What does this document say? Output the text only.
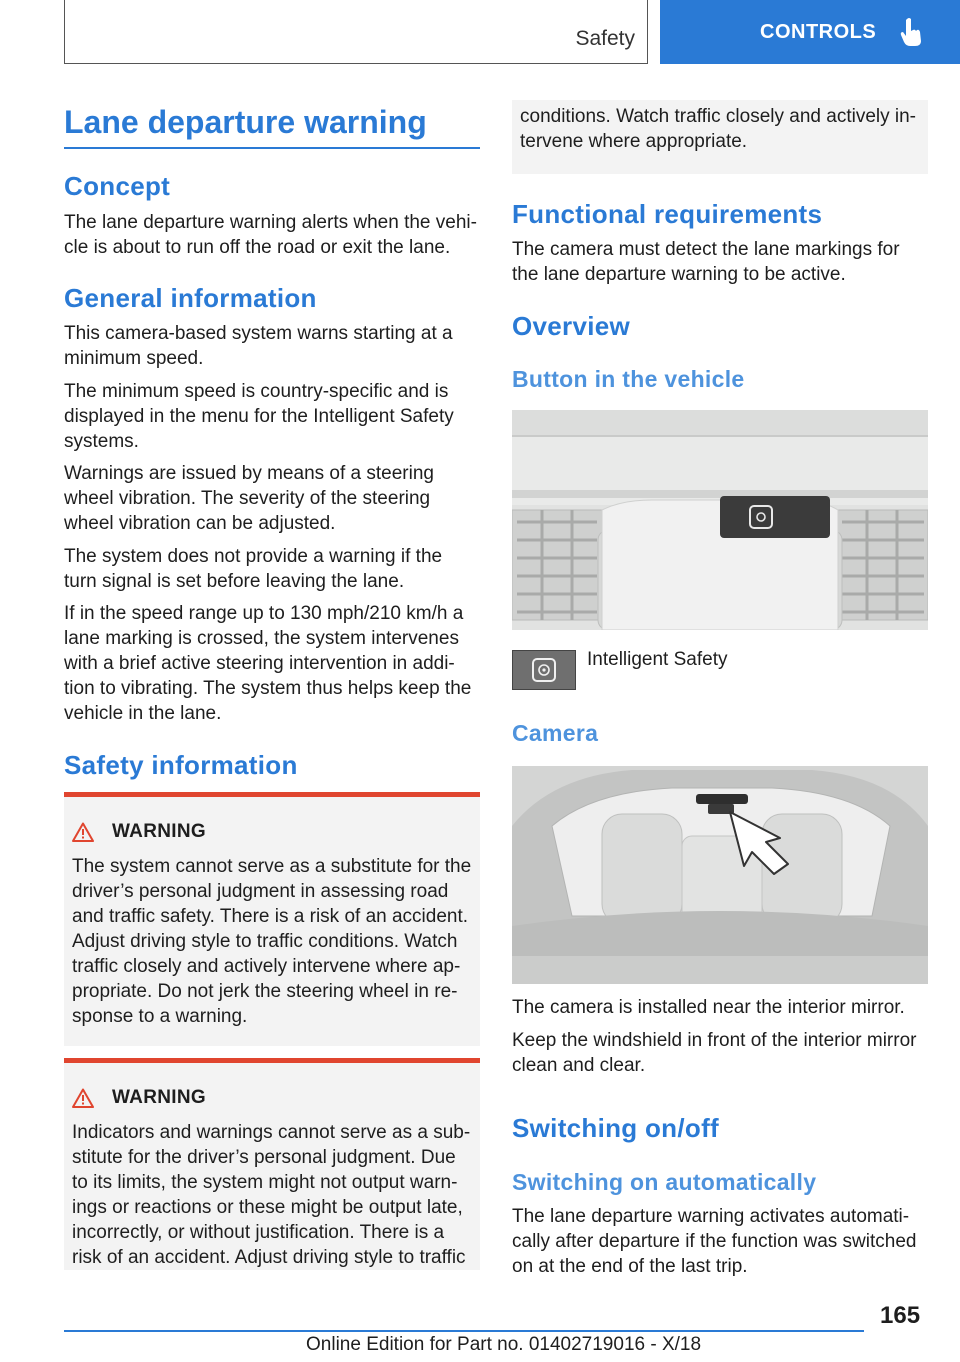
Safety	CONTROLS
Lane departure warning
Concept

The lane departure warning alerts when the vehi-cle is about to run off the road or exit the lane.

General information

This camera-based system warns starting at a minimum speed.

The minimum speed is country-specific and is displayed in the menu for the Intelligent Safety systems.

Warnings are issued by means of a steering wheel vibration. The severity of the steering wheel vibration can be adjusted.

The system does not provide a warning if the turn signal is set before leaving the lane.

If in the speed range up to 130 mph/210 km/h a lane marking is crossed, the system intervenes with a brief active steering intervention in addi-tion to vibrating. The system thus helps keep the vehicle in the lane.

Safety information
WARNING

The system cannot serve as a substitute for the driver’s personal judgment in assessing road and traffic safety. There is a risk of an accident. Adjust driving style to traffic conditions. Watch traffic closely and actively intervene where ap-propriate. Do not jerk the steering wheel in re-sponse to a warning.

WARNING

Indicators and warnings cannot serve as a sub-stitute for the driver’s personal judgment. Due to its limits, the system might not output warn-ings or reactions or these might be output late, incorrectly, or without justification. There is a risk of an accident. Adjust driving style to traffic

conditions. Watch traffic closely and actively in-tervene where appropriate.

Functional requirements

The camera must detect the lane markings for the lane departure warning to be active.

Overview
Button in the vehicle

Intelligent Safety

Camera

The camera is installed near the interior mirror.

Keep the windshield in front of the interior mirror clean and clear.

Switching on/off
Switching on automatically

The lane departure warning activates automati-cally after departure if the function was switched on at the end of the last trip.

165
Online Edition for Part no. 01402719016 - X/18
